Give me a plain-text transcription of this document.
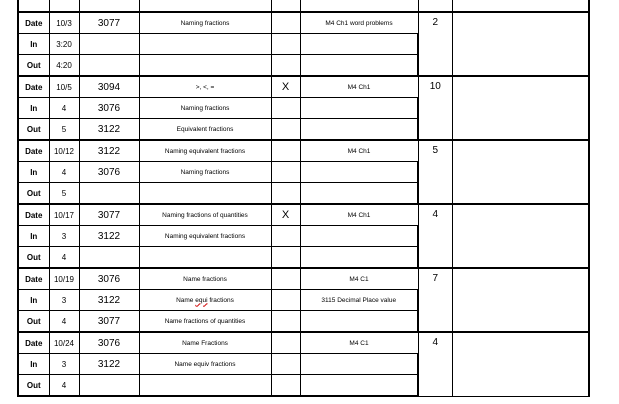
Date	10/3	3077	Naming fractions		M4 Ch1 word problems	2	
In	3:20						
Out	4:20						
Date	10/5	3094	>, <, =	X	M4 Ch1	10	
In	4	3076	Naming fractions				
Out	5	3122	Equivalent fractions				
Date	10/12	3122	Naming equivalent fractions		M4 Ch1	5	
In	4	3076	Naming fractions				
Out	5						
Date	10/17	3077	Naming fractions of quantities	X	M4 Ch1	4	
In	3	3122	Naming equivalent fractions				
Out	4						
Date	10/19	3076	Name fractions		M4 C1	7	
In	3	3122	Name equi fractions		3115 Decimal Place value		
Out	4	3077	Name fractions of quantities				
Date	10/24	3076	Name Fractions		M4 C1	4	
In	3	3122	Name equiv fractions				
Out	4						
